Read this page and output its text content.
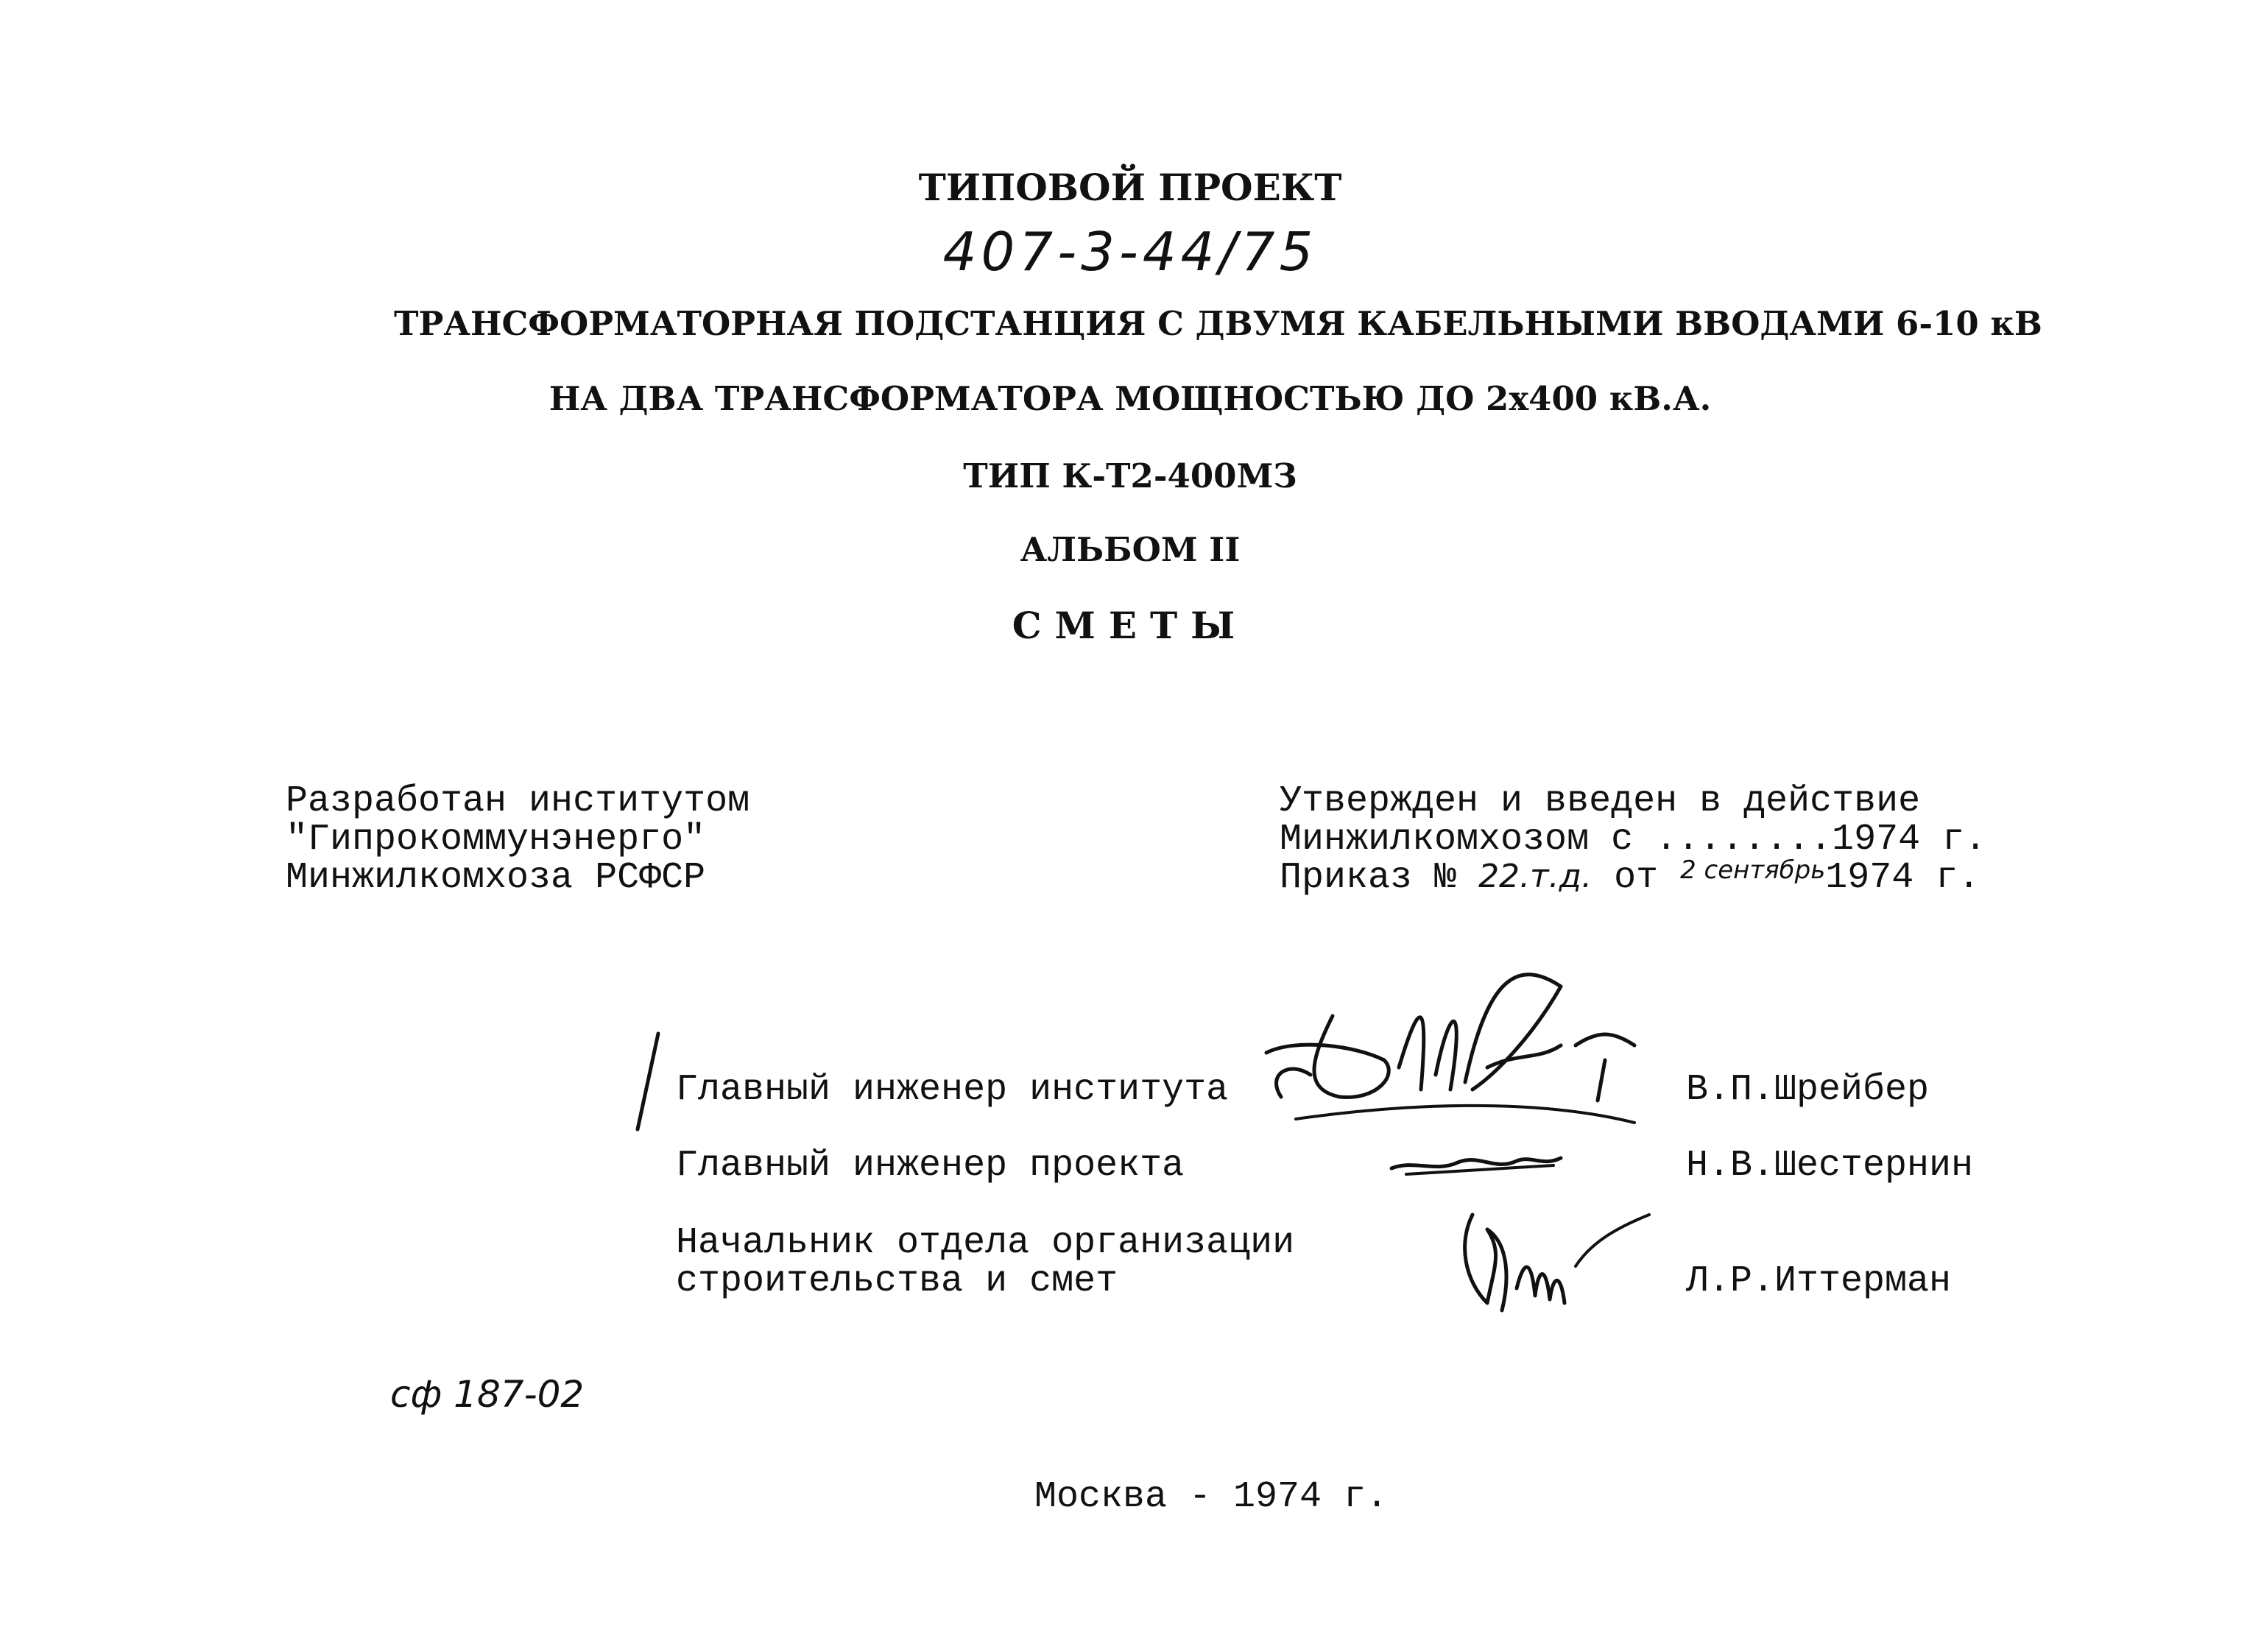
ТИПОВОЙ ПРОЕКТ
407-3-44/75
ТРАНСФОРМАТОРНАЯ ПОДСТАНЦИЯ С ДВУМЯ КАБЕЛЬНЫМИ ВВОДАМИ 6-10 кВ
НА ДВА ТРАНСФОРМАТОРА МОЩНОСТЬЮ ДО 2х400 кВ.А.
ТИП К-Т2-400МЗ
АЛЬБОМ II
СМЕТЫ
Разработан институтом
"Гипрокоммунэнерго"
Минжилкомхоза РСФСР
Утвержден и введен в действие
Минжилкомхозом с ........1974 г.
Приказ № 22.т.д. от $^{2 сентябрь}$1974 г.
Главный инженер института	В.П.Шрейбер
Главный инженер проекта	Н.В.Шестернин
Начальник отдела организации
строительства и смет	Л.Р.Иттерман
сф 187-02
Москва - 1974 г.
